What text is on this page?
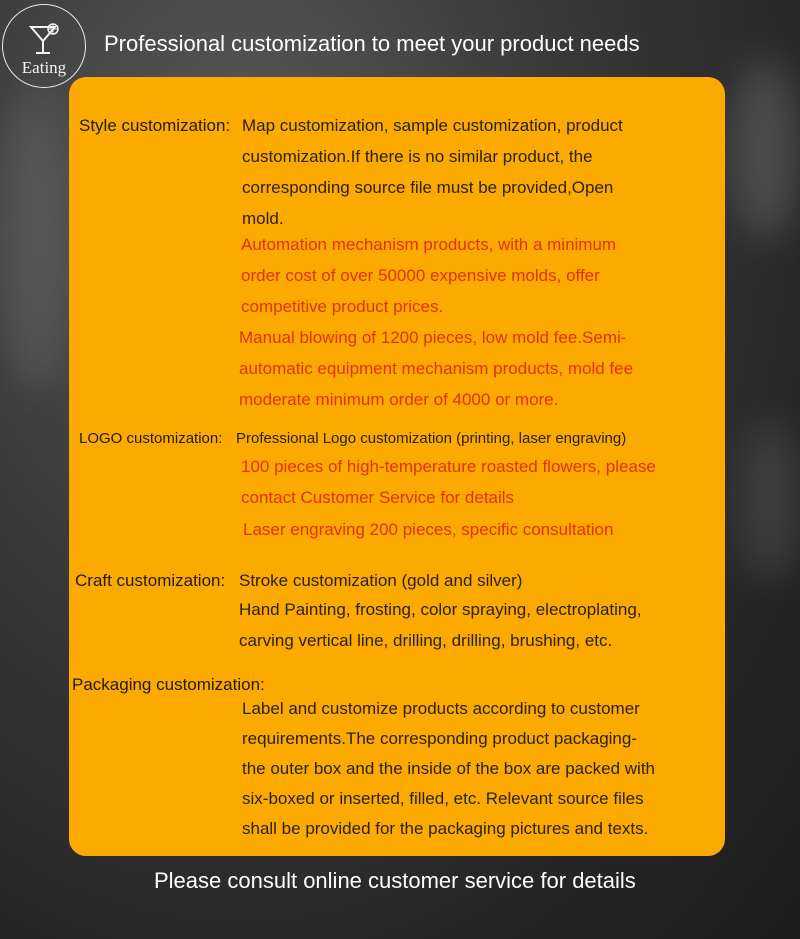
Eating
Professional customization to meet your product needs
Style customization: Map customization, sample customization, product
customization.If there is no similar product, the
corresponding source file must be provided,Open
mold.
Automation mechanism products, with a minimum
order cost of over 50000 expensive molds, offer
competitive product prices.
Manual blowing of 1200 pieces, low mold fee.Semi-
automatic equipment mechanism products, mold fee
moderate minimum order of 4000 or more.
LOGO customization: Professional Logo customization (printing, laser engraving)
100 pieces of high-temperature roasted flowers, please
contact Customer Service for details
Laser engraving 200 pieces, specific consultation
Craft customization: Stroke customization (gold and silver)
Hand Painting, frosting, color spraying, electroplating,
carving vertical line, drilling, drilling, brushing, etc.
Packaging customization:
Label and customize products according to customer
requirements.The corresponding product packaging-
the outer box and the inside of the box are packed with
six-boxed or inserted, filled, etc. Relevant source files
shall be provided for the packaging pictures and texts.
Please consult online customer service for details
